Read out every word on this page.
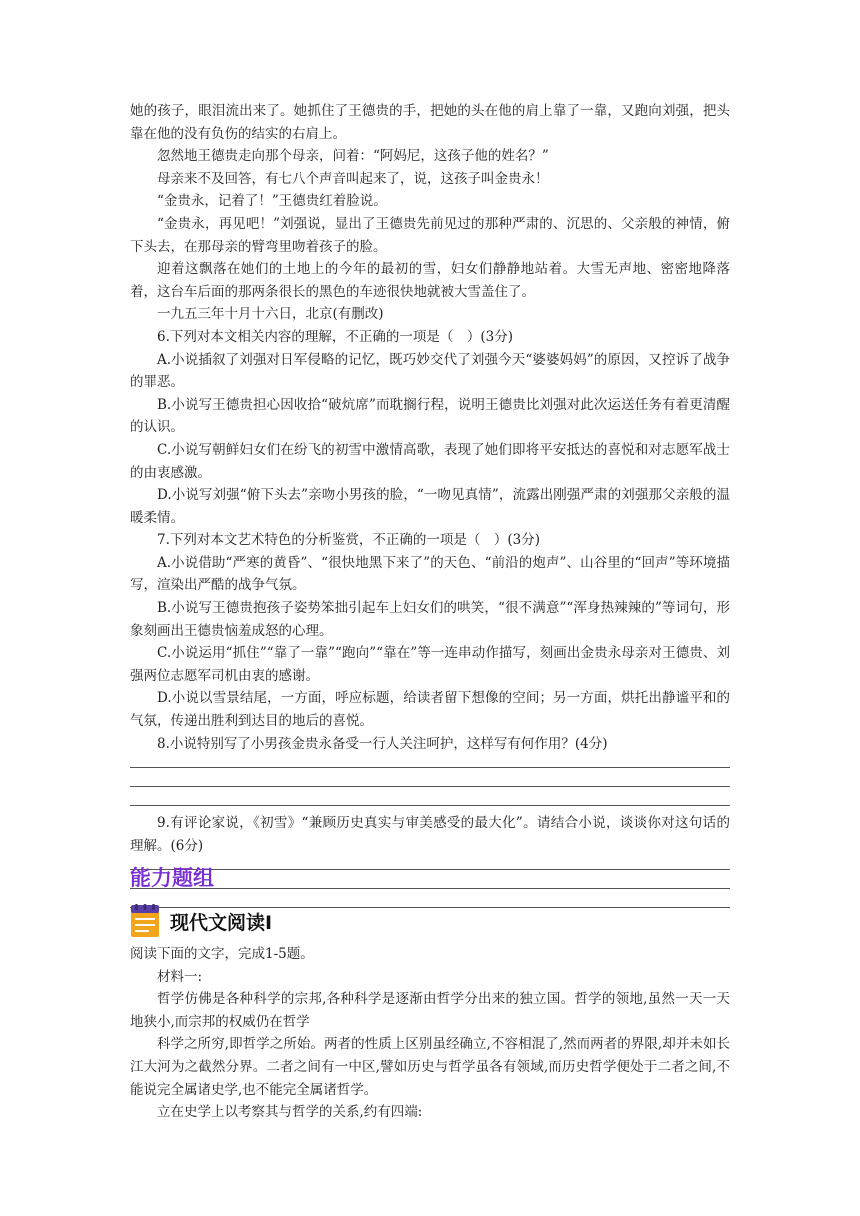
她的孩子，眼泪流出来了。她抓住了王德贵的手，把她的头在他的肩上靠了一靠，又跑向刘强，把头靠在他的没有负伤的结实的右肩上。

忽然地王德贵走向那个母亲，问着：“阿妈尼，这孩子他的姓名？”

母亲来不及回答，有七八个声音叫起来了，说，这孩子叫金贵永！

“金贵永，记着了！”王德贵红着脸说。

“金贵永，再见吧！”刘强说，显出了王德贵先前见过的那种严肃的、沉思的、父亲般的神情，俯下头去，在那母亲的臂弯里吻着孩子的脸。

迎着这飘落在她们的土地上的今年的最初的雪，妇女们静静地站着。大雪无声地、密密地降落着，这台车后面的那两条很长的黑色的车迹很快地就被大雪盖住了。

一九五三年十月十六日，北京(有删改)

6.下列对本文相关内容的理解，不正确的一项是（　）(3分)

A.小说插叙了刘强对日军侵略的记忆，既巧妙交代了刘强今天“婆婆妈妈”的原因，又控诉了战争的罪恶。

B.小说写王德贵担心因收拾“破炕席”而耽搁行程，说明王德贵比刘强对此次运送任务有着更清醒的认识。

C.小说写朝鲜妇女们在纷飞的初雪中激情高歌，表现了她们即将平安抵达的喜悦和对志愿军战士的由衷感激。

D.小说写刘强“俯下头去”亲吻小男孩的脸，“一吻见真情”，流露出刚强严肃的刘强那父亲般的温暖柔情。

7.下列对本文艺术特色的分析鉴赏，不正确的一项是（　）(3分)

A.小说借助“严寒的黄昏”、“很快地黑下来了”的天色、“前沿的炮声”、山谷里的“回声”等环境描写，渲染出严酷的战争气氛。

B.小说写王德贵抱孩子姿势笨拙引起车上妇女们的哄笑，“很不满意”“浑身热辣辣的”等词句，形象刻画出王德贵恼羞成怒的心理。

C.小说运用“抓住”“靠了一靠”“跑向”“靠在”等一连串动作描写，刻画出金贵永母亲对王德贵、刘强两位志愿军司机由衷的感谢。

D.小说以雪景结尾，一方面，呼应标题，给读者留下想像的空间；另一方面，烘托出静谧平和的气氛，传递出胜利到达目的地后的喜悦。

8.小说特别写了小男孩金贵永备受一行人关注呵护，这样写有何作用？(4分)

9.有评论家说，《初雪》“兼顾历史真实与审美感受的最大化”。请结合小说，谈谈你对这句话的理解。(6分)

能力题组
现代文阅读Ⅰ

阅读下面的文字，完成1-5题。

材料一:

哲学仿佛是各种科学的宗邦,各种科学是逐渐由哲学分出来的独立国。哲学的领地,虽然一天一天地狭小,而宗邦的权威仍在哲学

科学之所穷,即哲学之所始。两者的性质上区别虽经确立,不容相混了,然而两者的界限,却并未如长江大河为之截然分界。二者之间有一中区,譬如历史与哲学虽各有领域,而历史哲学便处于二者之间,不能说完全属诸史学,也不能完全属诸哲学。

立在史学上以考察其与哲学的关系,约有四端:
